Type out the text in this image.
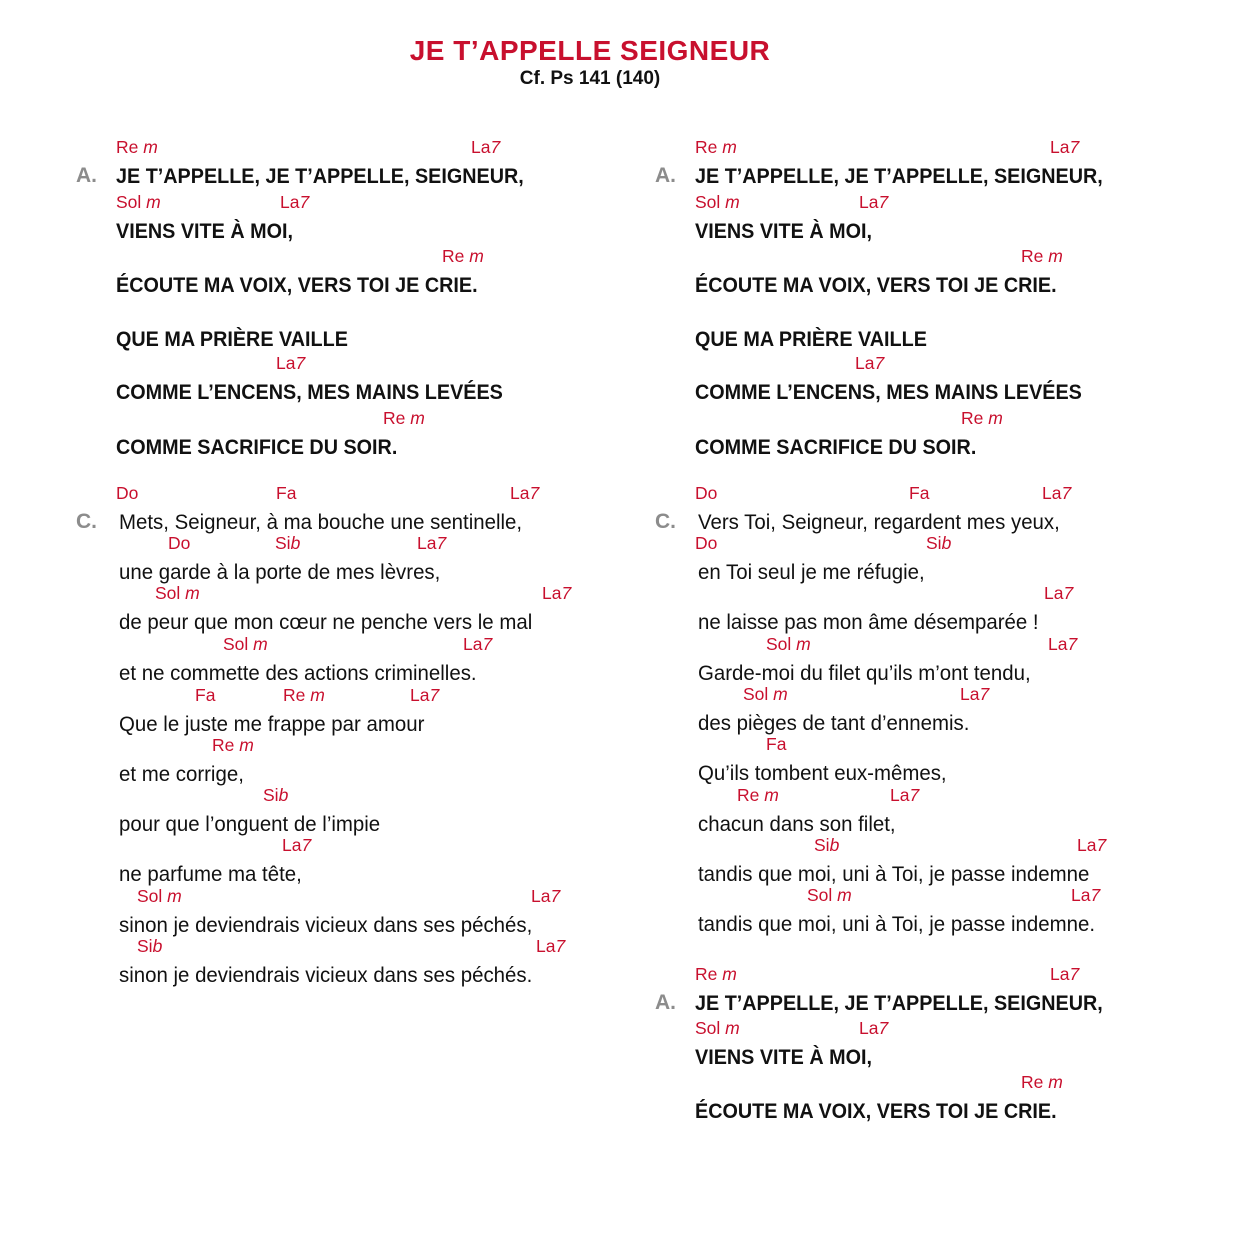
JE T’APPELLE SEIGNEUR
Cf. Ps 141 (140)
A. JE T’APPELLE, JE T’APPELLE, SEIGNEUR,
Re m	La7
VIENS VITE À MOI,
Sol m	La7
ÉCOUTE MA VOIX, VERS TOI JE CRIE.
Re m
QUE MA PRIÈRE VAILLE
COMME L’ENCENS, MES MAINS LEVÉES
La7
COMME SACRIFICE DU SOIR.
Re m
C. Mets, Seigneur, à ma bouche une sentinelle,
Do	Fa	La7
une garde à la porte de mes lèvres,
Do	Sib	La7
de peur que mon cœur ne penche vers le mal
Sol m	La7
et ne commette des actions criminelles.
Sol m	La7
Que le juste me frappe par amour
Fa	Re m	La7
et me corrige,
Re m
pour que l’onguent de l’impie
Sib
ne parfume ma tête,
La7
sinon je deviendrais vicieux dans ses péchés,
Sol m	La7
sinon je deviendrais vicieux dans ses péchés.
Sib	La7
A. JE T’APPELLE, JE T’APPELLE, SEIGNEUR,
Re m	La7
VIENS VITE À MOI,
Sol m	La7
ÉCOUTE MA VOIX, VERS TOI JE CRIE.
Re m
QUE MA PRIÈRE VAILLE
COMME L’ENCENS, MES MAINS LEVÉES
La7
COMME SACRIFICE DU SOIR.
Re m
C. Vers Toi, Seigneur, regardent mes yeux,
Do	Fa	La7
en Toi seul je me réfugie,
Do	Sib
ne laisse pas mon âme désemparée !
La7
Garde-moi du filet qu’ils m’ont tendu,
Sol m	La7
des pièges de tant d’ennemis.
Sol m	La7
Qu’ils tombent eux-mêmes,
Fa
chacun dans son filet,
Re m	La7
tandis que moi, uni à Toi, je passe indemne
Sib	La7
tandis que moi, uni à Toi, je passe indemne.
Sol m	La7
A. JE T’APPELLE, JE T’APPELLE, SEIGNEUR,
Re m	La7
VIENS VITE À MOI,
Sol m	La7
ÉCOUTE MA VOIX, VERS TOI JE CRIE.
Re m
